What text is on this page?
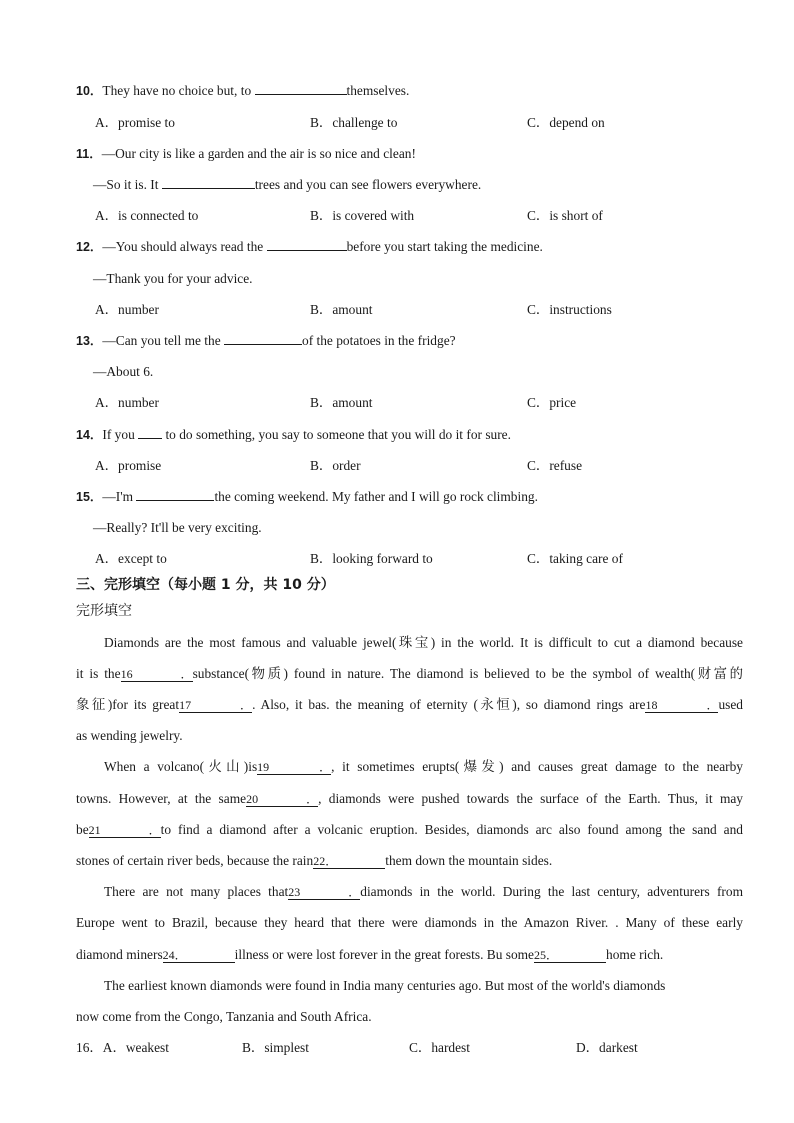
10．They have no choice but, to	themselves.
A．promise to	B．challenge to	C．depend on
11．—Our city is like a garden and the air is so nice and clean!
—So it is. It	trees and you can see flowers everywhere.
A．is connected to	B．is covered with	C．is short of
12．—You should always read the	before you start taking the medicine.
—Thank you for your advice.
A．number	B．amount	C．instructions
13．—Can you tell me the	of the potatoes in the fridge?
—About 6.
A．number	B．amount	C．price
14．If you  to do something, you say to someone that you will do it for sure.
A．promise	B．order	C．refuse
15．—I'm	the coming weekend. My father and I will go rock climbing.
—Really? It'll be very exciting.
A．except to	B．looking forward to	C．taking care of
三、完形填空（每小题 1 分，共 10 分）
完形填空
Diamonds are the most famous and valuable jewel(珠宝) in the world. It is difficult to cut a diamond because
it is the16．substance(物质) found in nature. The diamond is believed to be the symbol of wealth(财富的
象征)for its great17．. Also, it bas. the meaning of eternity (永恒), so diamond rings are18．used
as wending jewelry.
When a volcano(火山)is19．, it sometimes erupts(爆发) and causes great damage to the nearby
towns. However, at the same20．, diamonds were pushed towards the surface of the Earth. Thus, it may
be21．to find a diamond after a volcanic eruption. Besides, diamonds arc also found among the sand and
stones of certain river beds, because the rain22．	them down the mountain sides.
There are not many places that23．diamonds in the world. During the last century, adventurers from
Europe went to Brazil, because they heard that there were diamonds in the Amazon River. . Many of these early
diamond miners24．	illness or were lost forever in the great forests. Bu some25．	home rich.
The earliest known diamonds were found in India many centuries ago. But most of the world's diamonds
now come from the Congo, Tanzania and South Africa.
16．A．weakest	B．simplest	C．hardest	D．darkest
